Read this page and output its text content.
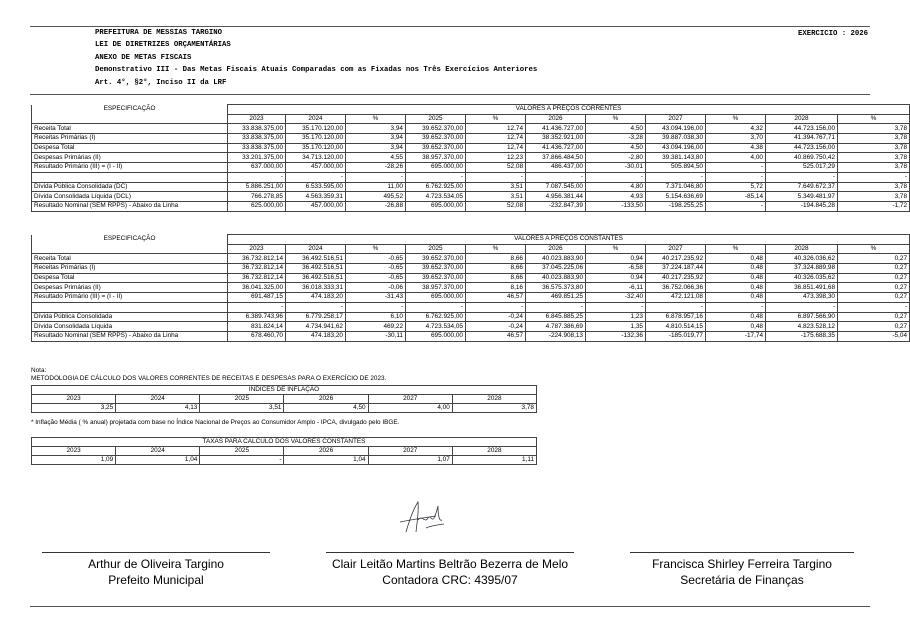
PREFEITURA DE MESSIAS TARGINO
LEI DE DIRETRIZES ORÇAMENTÁRIAS
ANEXO DE METAS FISCAIS
Demonstrativo III - Das Metas Fiscais Atuais Comparadas com as Fixadas nos Três Exercícios Anteriores
Art. 4°, §2°, Inciso II da LRF
EXERCICIO : 2026
ESPECIFICAÇÃO	VALORES A PREÇOS CORRENTES										
	2023	2024	%	2025	%	2026	%	2027	%	2028	%
Receita Total	33.838.375,00	35.170.120,00	3,94	39.652.370,00	12,74	41.436.727,00	4,50	43.094.196,00	4,32	44.723.156,00	3,78
Receitas Primárias (I)	33.838.375,00	35.170.120,00	3,94	39.652.370,00	12,74	38.352.921,00	-3,28	39.887.038,30	3,70	41.394.767,71	3,78
Despesa Total	33.838.375,00	35.170.120,00	3,94	39.652.370,00	12,74	41.436.727,00	4,50	43.094.196,00	4,38	44.723.156,00	3,78
Despesas Primárias (II)	33.201.375,00	34.713.120,00	4,55	38.957.370,00	12,23	37.866.484,50	-2,80	39.381.143,80	4,00	40.869.750,42	3,78
Resultado Primário (III) = (I - II)	637.000,00	457.000,00	-28,26	695.000,00	52,08	486.437,00	-30,01	505.894,50	-	525.017,29	3,78
	-	-	-	-	-	-	-	-	-	-	-
Dívida Pública Consolidada (DC)	5.886.251,00	6.533.595,00	11,00	6.762.925,00	3,51	7.087.545,00	4,80	7.371.046,80	5,72	7.649.672,37	3,78
Dívida Consolidada Líquida (DCL)	766.278,85	4.563.359,31	495,52	4.723.534,05	3,51	4.956.381,44	4,93	5.154.636,69	-85,14	5.349.481,97	3,78
Resultado Nominal (SEM RPPS) - Abaixo da Linha	625.000,00	457.000,00	-26,88	695.000,00	52,08	-232.847,39	-133,50	-198.255,25	-	-194.845,28	-1,72
ESPECIFICAÇÃO	VALORES A PREÇOS CONSTANTES										
	2023	2024	%	2025	%	2026	%	2027	%	2028	%
Receita Total	36.732.812,14	36.492.516,51	-0,65	39.652.370,00	8,66	40.023.883,90	0,94	40.217.235,92	0,48	40.326.036,62	0,27
Receitas Primárias (I)	36.732.812,14	36.492.516,51	-0,65	39.652.370,00	8,66	37.045.225,06	-6,58	37.224.187,44	0,48	37.324.889,98	0,27
Despesa Total	36.732.812,14	36.492.516,51	-0,65	39.652.370,00	8,66	40.023.883,90	0,94	40.217.235,92	0,48	40.326.035,62	0,27
Despesas Primárias (II)	36.041.325,00	36.018.333,31	-0,06	38.957.370,00	8,16	36.575.373,80	-6,11	36.752.066,36	0,48	36.851.491,68	0,27
Resultado Primário (III) = (I - II)	691.487,15	474.183,20	-31,43	695.000,00	46,57	469.851,25	-32,40	472.121,08	0,48	473.398,30	0,27
	-	-	-	-	-	-	-	-	-	-	-
Dívida Pública Consolidada	6.389.743,96	6.779.258,17	6,10	6.762.925,00	-0,24	6.845.885,25	1,23	6.878.957,16	0,48	6.897.566,90	0,27
Dívida Consolidada Líquida	831.824,14	4.734.941,62	469,22	4.723.534,05	-0,24	4.787.386,69	1,35	4.810.514,15	0,48	4.823.528,12	0,27
Resultado Nominal (SEM RPPS) - Abaixo da Linha	678.460,70	474.183,20	-30,11	695.000,00	46,57	-224.908,13	-132,36	-185.019,77	-17,74	-175.688,35	-5,04
Nota:
METODOLOGIA DE CÁLCULO DOS VALORES CORRENTES DE RECEITAS E DESPESAS PARA O EXERCÍCIO DE 2023.
INDICES DE INFLAÇÃO					
2023	2024	2025	2026	2027	2028
3,25	4,13	3,51	4,50	4,00	3,78
* Inflação Média ( % anual) projetada com base no Índice Nacional de Preços ao Consumidor Amplo - IPCA, divulgado pelo IBGE.
TAXAS PARA CALCULO DOS VALORES CONSTANTES					
2023	2024	2025	2026	2027	2028
1,09	1,04	-	1,04	1,07	1,11
Arthur de Oliveira Targino
Prefeito Municipal
Clair Leitão Martins Beltrão Bezerra de Melo
Contadora CRC: 4395/07
Francisca Shirley Ferreira Targino
Secretária de Finanças
